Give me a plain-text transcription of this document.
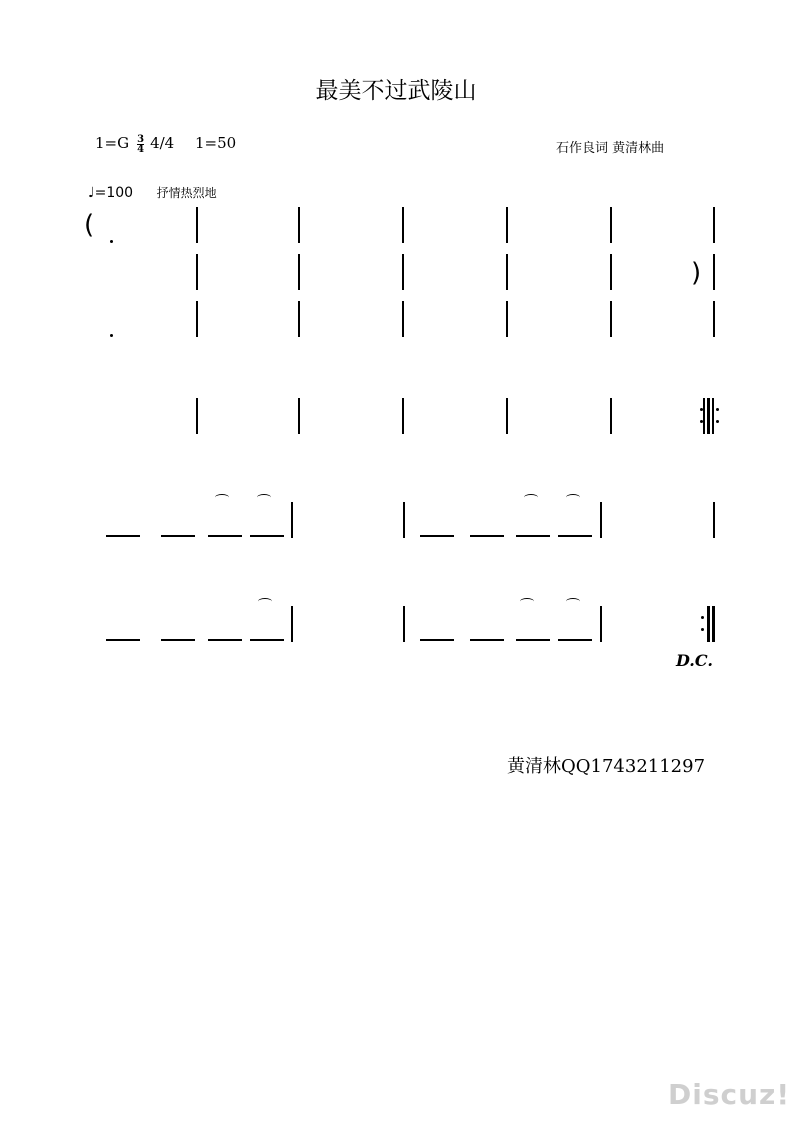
最美不过武陵山
$1=G \frac{3}{4} 4/4$ 1=50	石作良词 黄清林曲
♩=100 抒情热烈地
(
)
D.C.
黄清林QQ1743211297
Discuz!
